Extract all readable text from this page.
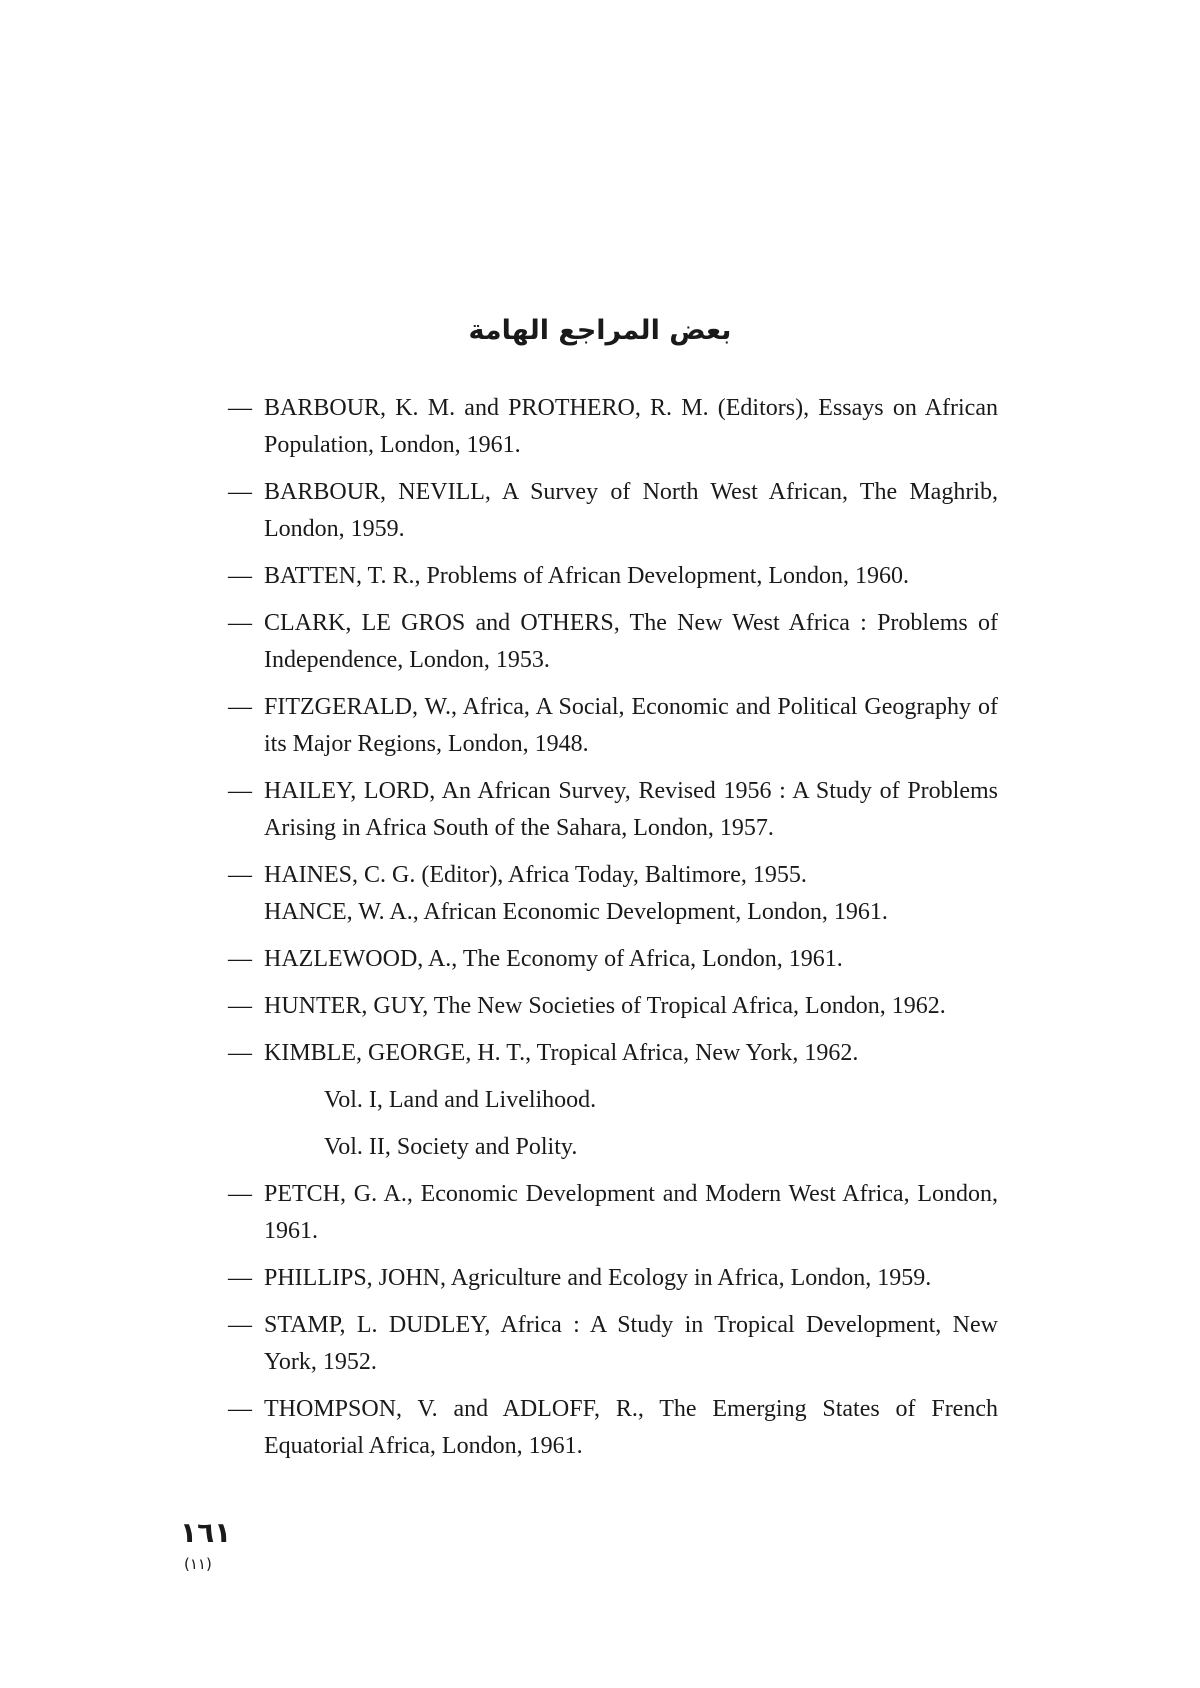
بعض المراجع الهامة
— BARBOUR, K. M. and PROTHERO, R. M. (Editors), Essays on African Population, London, 1961.
— BARBOUR, NEVILL, A Survey of North West African, The Maghrib, London, 1959.
— BATTEN, T. R., Problems of African Development, London, 1960.
— CLARK, LE GROS and OTHERS, The New West Africa : Problems of Independence, London, 1953.
— FITZGERALD, W., Africa, A Social, Economic and Political Geography of its Major Regions, London, 1948.
— HAILEY, LORD, An African Survey, Revised 1956 : A Study of Problems Arising in Africa South of the Sahara, London, 1957.
— HAINES, C. G. (Editor), Africa Today, Baltimore, 1955.
HANCE, W. A., African Economic Development, London, 1961.
— HAZLEWOOD, A., The Economy of Africa, London, 1961.
— HUNTER, GUY, The New Societies of Tropical Africa, London, 1962.
— KIMBLE, GEORGE, H. T., Tropical Africa, New York, 1962.
Vol. I, Land and Livelihood.
Vol. II, Society and Polity.
— PETCH, G. A., Economic Development and Modern West Africa, London, 1961.
— PHILLIPS, JOHN, Agriculture and Ecology in Africa, London, 1959.
— STAMP, L. DUDLEY, Africa : A Study in Tropical Development, New York, 1952.
— THOMPSON, V. and ADLOFF, R., The Emerging States of French Equatorial Africa, London, 1961.
١٦١
(١١)
